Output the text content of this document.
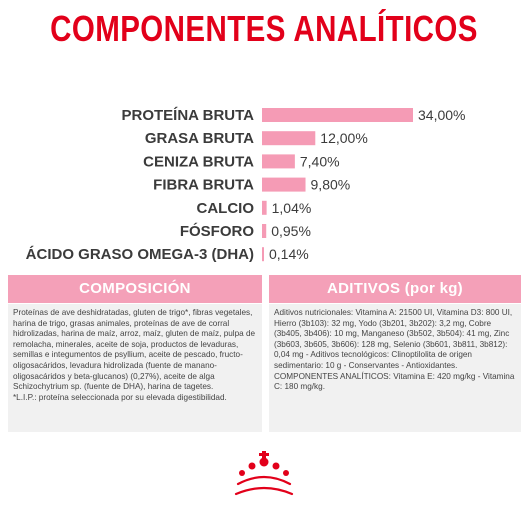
COMPONENTES ANALÍTICOS
PROTEÍNA BRUTA	34,00%
GRASA BRUTA	12,00%
CENIZA BRUTA	7,40%
FIBRA BRUTA	9,80%
CALCIO 1,04%
FÓSFORO 0,95%
ÁCIDO GRASO OMEGA-3 (DHA) 0,14%
COMPOSICIÓN
Proteínas de ave deshidratadas, gluten de trigo*, fibras vegetales, harina de trigo, grasas animales, proteínas de ave de corral hidrolizadas, harina de maíz, arroz, maíz, gluten de maíz, pulpa de remolacha, minerales, aceite de soja, productos de levaduras, semillas e integumentos de psyllium, aceite de pescado, fructo-oligosacáridos, levadura hidrolizada (fuente de manano-oligosacáridos y beta-glucanos) (0,27%), aceite de alga Schizochytrium sp. (fuente de DHA), harina de tagetes.
*L.I.P.: proteína seleccionada por su elevada digestibilidad.
ADITIVOS (por kg)
Aditivos nutricionales: Vitamina A: 21500 UI, Vitamina D3: 800 UI, Hierro (3b103): 32 mg, Yodo (3b201, 3b202): 3,2 mg, Cobre (3b405, 3b406): 10 mg, Manganeso (3b502, 3b504): 41 mg, Zinc (3b603, 3b605, 3b606): 128 mg, Selenio (3b601, 3b811, 3b812): 0,04 mg - Aditivos tecnológicos: Clinoptilolita de origen sedimentario: 10 g - Conservantes - Antioxidantes.
COMPONENTES ANALÍTICOS: Vitamina E: 420 mg/kg - Vitamina C: 180 mg/kg.
